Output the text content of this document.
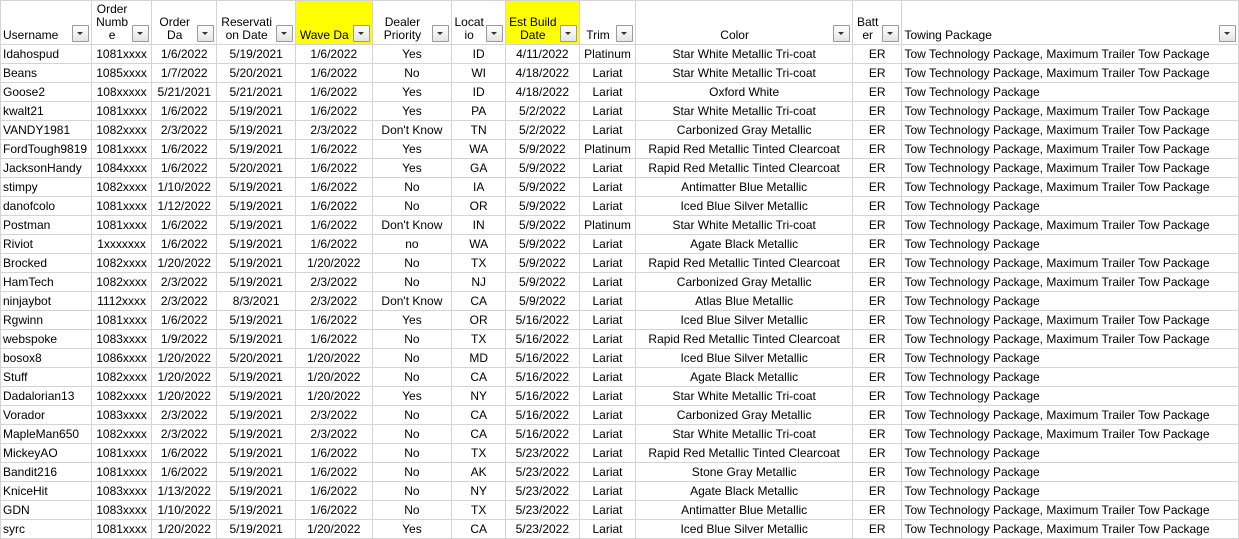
Username	Order Numbe	Order Da	Reservation Date	Wave Da	Dealer Priority	Locatio	Est Build Date	Trim	Color	Batter	Towing Package

Idahospud	1081xxxx	1/6/2022	5/19/2021	1/6/2022	Yes	ID	4/11/2022	Platinum	Star White Metallic Tri-coat	ER	Tow Technology Package, Maximum Trailer Tow Package
Beans	1085xxxx	1/7/2022	5/20/2021	1/6/2022	No	WI	4/18/2022	Lariat	Star White Metallic Tri-coat	ER	Tow Technology Package, Maximum Trailer Tow Package
Goose2	108xxxxx	5/21/2021	5/21/2021	1/6/2022	Yes	ID	4/18/2022	Lariat	Oxford White	ER	Tow Technology Package
kwalt21	1081xxxx	1/6/2022	5/19/2021	1/6/2022	Yes	PA	5/2/2022	Lariat	Star White Metallic Tri-coat	ER	Tow Technology Package, Maximum Trailer Tow Package
VANDY1981	1082xxxx	2/3/2022	5/19/2021	2/3/2022	Don't Know	TN	5/2/2022	Lariat	Carbonized Gray Metallic	ER	Tow Technology Package, Maximum Trailer Tow Package
FordTough9819	1081xxxx	1/6/2022	5/19/2021	1/6/2022	Yes	WA	5/9/2022	Platinum	Rapid Red Metallic Tinted Clearcoat	ER	Tow Technology Package, Maximum Trailer Tow Package
JacksonHandy	1084xxxx	1/6/2022	5/20/2021	1/6/2022	Yes	GA	5/9/2022	Lariat	Rapid Red Metallic Tinted Clearcoat	ER	Tow Technology Package, Maximum Trailer Tow Package
stimpy	1082xxxx	1/10/2022	5/19/2021	1/6/2022	No	IA	5/9/2022	Lariat	Antimatter Blue Metallic	ER	Tow Technology Package, Maximum Trailer Tow Package
danofcolo	1081xxxx	1/12/2022	5/19/2021	1/6/2022	No	OR	5/9/2022	Lariat	Iced Blue Silver Metallic	ER	Tow Technology Package
Postman	1081xxxx	1/6/2022	5/19/2021	1/6/2022	Don't Know	IN	5/9/2022	Platinum	Star White Metallic Tri-coat	ER	Tow Technology Package, Maximum Trailer Tow Package
Riviot	1xxxxxxx	1/6/2022	5/19/2021	1/6/2022	no	WA	5/9/2022	Lariat	Agate Black Metallic	ER	Tow Technology Package
Brocked	1082xxxx	1/20/2022	5/19/2021	1/20/2022	No	TX	5/9/2022	Lariat	Rapid Red Metallic Tinted Clearcoat	ER	Tow Technology Package, Maximum Trailer Tow Package
HamTech	1082xxxx	2/3/2022	5/19/2021	2/3/2022	No	NJ	5/9/2022	Lariat	Carbonized Gray Metallic	ER	Tow Technology Package, Maximum Trailer Tow Package
ninjaybot	1112xxxx	2/3/2022	8/3/2021	2/3/2022	Don't Know	CA	5/9/2022	Lariat	Atlas Blue Metallic	ER	Tow Technology Package
Rgwinn	1081xxxx	1/6/2022	5/19/2021	1/6/2022	Yes	OR	5/16/2022	Lariat	Iced Blue Silver Metallic	ER	Tow Technology Package, Maximum Trailer Tow Package
webspoke	1083xxxx	1/9/2022	5/19/2021	1/6/2022	No	TX	5/16/2022	Lariat	Rapid Red Metallic Tinted Clearcoat	ER	Tow Technology Package, Maximum Trailer Tow Package
bosox8	1086xxxx	1/20/2022	5/20/2021	1/20/2022	No	MD	5/16/2022	Lariat	Iced Blue Silver Metallic	ER	Tow Technology Package
Stuff	1082xxxx	1/20/2022	5/19/2021	1/20/2022	No	CA	5/16/2022	Lariat	Agate Black Metallic	ER	Tow Technology Package
Dadalorian13	1082xxxx	1/20/2022	5/19/2021	1/20/2022	Yes	NY	5/16/2022	Lariat	Star White Metallic Tri-coat	ER	Tow Technology Package
Vorador	1083xxxx	2/3/2022	5/19/2021	2/3/2022	No	CA	5/16/2022	Lariat	Carbonized Gray Metallic	ER	Tow Technology Package, Maximum Trailer Tow Package
MapleMan650	1082xxxx	2/3/2022	5/19/2021	2/3/2022	No	CA	5/16/2022	Lariat	Star White Metallic Tri-coat	ER	Tow Technology Package, Maximum Trailer Tow Package
MickeyAO	1081xxxx	1/6/2022	5/19/2021	1/6/2022	No	TX	5/23/2022	Lariat	Rapid Red Metallic Tinted Clearcoat	ER	Tow Technology Package
Bandit216	1081xxxx	1/6/2022	5/19/2021	1/6/2022	No	AK	5/23/2022	Lariat	Stone Gray Metallic	ER	Tow Technology Package
KniceHit	1083xxxx	1/13/2022	5/19/2021	1/6/2022	No	NY	5/23/2022	Lariat	Agate Black Metallic	ER	Tow Technology Package
GDN	1083xxxx	1/10/2022	5/19/2021	1/6/2022	No	TX	5/23/2022	Lariat	Antimatter Blue Metallic	ER	Tow Technology Package, Maximum Trailer Tow Package
syrc	1081xxxx	1/20/2022	5/19/2021	1/20/2022	Yes	CA	5/23/2022	Lariat	Iced Blue Silver Metallic	ER	Tow Technology Package, Maximum Trailer Tow Package
